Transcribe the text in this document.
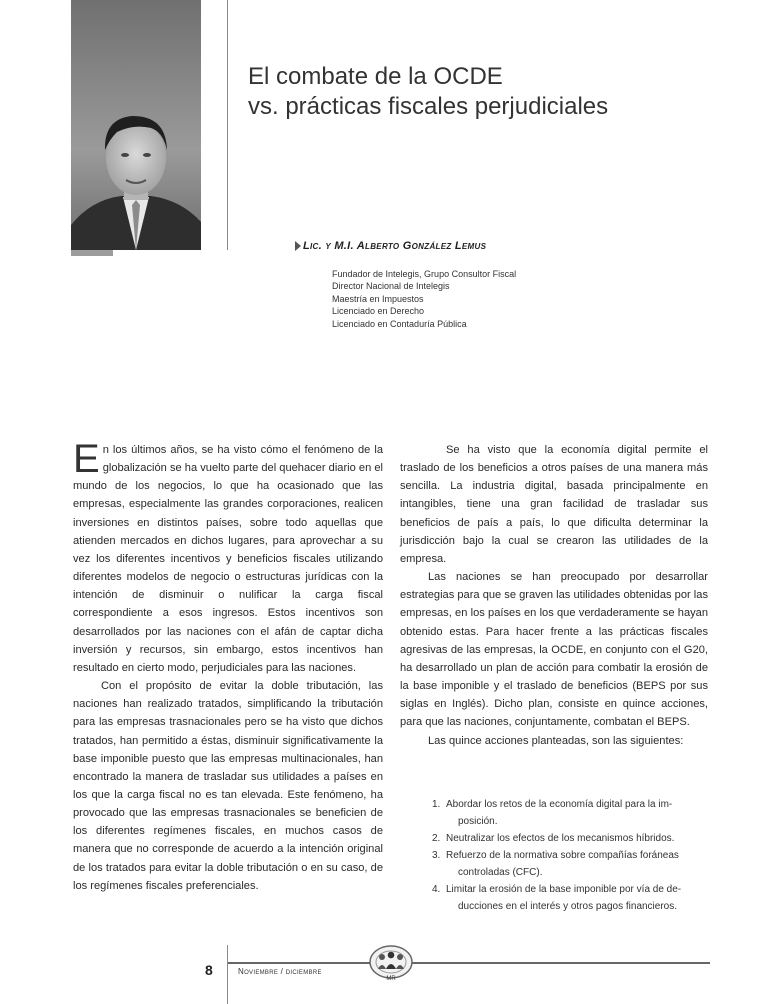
El combate de la OCDE
vs. prácticas fiscales perjudiciales
Lic. y M.I. Alberto González Lemus
Fundador de Intelegis, Grupo Consultor Fiscal
Director Nacional de Intelegis
Maestría en Impuestos
Licenciado en Derecho
Licenciado en Contaduría Pública

En los últimos años, se ha visto cómo el fenómeno de la globalización se ha vuelto parte del quehacer diario en el mundo de los negocios, lo que ha ocasionado que las empresas, especialmente las grandes corporaciones, realicen inversiones en distintos países, sobre todo aquellas que atienden mercados en dichos lugares, para aprovechar a su vez los diferentes incentivos y beneficios fiscales utilizando diferentes modelos de negocio o estructuras jurídicas con la intención de disminuir o nulificar la carga fiscal correspondiente a esos ingresos. Estos incentivos son desarrollados por las naciones con el afán de captar dicha inversión y recursos, sin embargo, estos incentivos han resultado en cierto modo, perjudiciales para las naciones.

Con el propósito de evitar la doble tributación, las naciones han realizado tratados, simplificando la tributación para las empresas trasnacionales pero se ha visto que dichos tratados, han permitido a éstas, disminuir significativamente la base imponible puesto que las empresas multinacionales, han encontrado la manera de trasladar sus utilidades a países en los que la carga fiscal no es tan elevada. Este fenómeno, ha provocado que las empresas trasnacionales se beneficien de los diferentes regímenes fiscales, en muchos casos de manera que no corresponde de acuerdo a la intención original de los tratados para evitar la doble tributación o en su caso, de los regímenes fiscales preferenciales.

Se ha visto que la economía digital permite el traslado de los beneficios a otros países de una manera más sencilla. La industria digital, basada principalmente en intangibles, tiene una gran facilidad de trasladar sus beneficios de país a país, lo que dificulta determinar la jurisdicción bajo la cual se crearon las utilidades de la empresa.

Las naciones se han preocupado por desarrollar estrategias para que se graven las utilidades obtenidas por las empresas, en los países en los que verdaderamente se hayan obtenido estas. Para hacer frente a las prácticas fiscales agresivas de las empresas, la OCDE, en conjunto con el G20, ha desarrollado un plan de acción para combatir la erosión de la base imponible y el traslado de beneficios (BEPS por sus siglas en Inglés). Dicho plan, consiste en quince acciones, para que las naciones, conjuntamente, combatan el BEPS.

Las quince acciones planteadas, son las siguientes:

1. Abordar los retos de la economía digital para la im-
posición.
2. Neutralizar los efectos de los mecanismos híbridos.
3. Refuerzo de la normativa sobre compañías foráneas
controladas (CFC).
4. Limitar la erosión de la base imponible por vía de de-
ducciones en el interés y otros pagos financieros.
8	Noviembre / diciembre
MR
